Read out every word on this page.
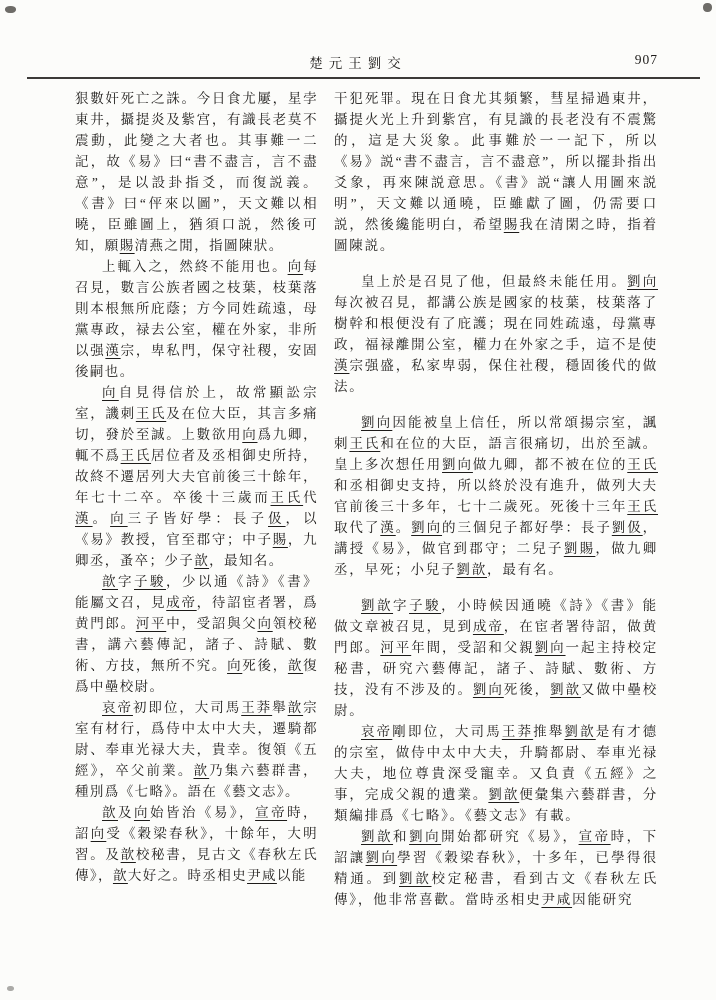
楚元王劉交	907

狠數奸死亡之誅。今日食尤屢，星孛東井，攝提炎及紫宫，有識長老莫不震動，此變之大者也。其事難一二記，故《易》曰“書不盡言，言不盡意”，是以設卦指爻，而復説義。《書》曰“伻來以圖”，天文難以相曉，臣雖圖上，猶須口説，然後可知，願賜清燕之閒，指圖陳狀。

上輒入之，然終不能用也。向每召見，數言公族者國之枝葉，枝葉落則本根無所庇蔭；方今同姓疏遠，母黨專政，禄去公室，權在外家，非所以强漢宗，卑私門，保守社稷，安固後嗣也。

向自見得信於上，故常顯訟宗室，譏刺王氏及在位大臣，其言多痛切，發於至誠。上數欲用向爲九卿，輒不爲王氏居位者及丞相御史所持，故終不遷居列大夫官前後三十餘年，年七十二卒。卒後十三歲而王氏代漢。向三子皆好學：長子伋，以《易》教授，官至郡守；中子賜，九卿丞，蚤卒；少子歆，最知名。

歆字子駿，少以通《詩》《書》能屬文召，見成帝，待詔宦者署，爲黄門郎。河平中，受詔與父向領校秘書，講六藝傳記，諸子、詩賦、數術、方技，無所不究。向死後，歆復爲中壘校尉。

哀帝初即位，大司馬王莽舉歆宗室有材行，爲侍中太中大夫，遷騎都尉、奉車光禄大夫，貴幸。復領《五經》，卒父前業。歆乃集六藝群書，種別爲《七略》。語在《藝文志》。

歆及向始皆治《易》，宣帝時，詔向受《穀梁春秋》，十餘年，大明習。及歆校秘書，見古文《春秋左氏傳》，歆大好之。時丞相史尹咸以能

干犯死罪。現在日食尤其頻繁，彗星掃過東井，攝提火光上升到紫宫，有見識的長老没有不震驚的，這是大災象。此事難於一一記下，所以《易》説“書不盡言，言不盡意”，所以擺卦指出爻象，再來陳説意思。《書》説“讓人用圖來説明”，天文難以通曉，臣雖獻了圖，仍需要口説，然後纔能明白，希望賜我在清閑之時，指着圖陳説。

皇上於是召見了他，但最終未能任用。劉向每次被召見，都講公族是國家的枝葉，枝葉落了樹幹和根便没有了庇護；現在同姓疏遠，母黨專政，福禄離開公室，權力在外家之手，這不是使漢宗强盛，私家卑弱，保住社稷，穩固後代的做法。

劉向因能被皇上信任，所以常頌揚宗室，諷刺王氏和在位的大臣，語言很痛切，出於至誠。皇上多次想任用劉向做九卿，都不被在位的王氏和丞相御史支持，所以終於没有進升，做列大夫官前後三十多年，七十二歲死。死後十三年王氏取代了漢。劉向的三個兒子都好學：長子劉伋，講授《易》，做官到郡守；二兒子劉賜，做九卿丞，早死；小兒子劉歆，最有名。

劉歆字子駿，小時候因通曉《詩》《書》能做文章被召見，見到成帝，在宦者署待詔，做黄門郎。河平年間，受詔和父親劉向一起主持校定秘書，研究六藝傳記，諸子、詩賦、數術、方技，没有不涉及的。劉向死後，劉歆又做中壘校尉。

哀帝剛即位，大司馬王莽推舉劉歆是有才德的宗室，做侍中太中大夫，升騎都尉、奉車光禄大夫，地位尊貴深受寵幸。又負責《五經》之事，完成父親的遺業。劉歆便彙集六藝群書，分類編排爲《七略》。《藝文志》有載。

劉歆和劉向開始都研究《易》，宣帝時，下詔讓劉向學習《穀梁春秋》，十多年，已學得很精通。到劉歆校定秘書，看到古文《春秋左氏傳》，他非常喜歡。當時丞相史尹咸因能研究
